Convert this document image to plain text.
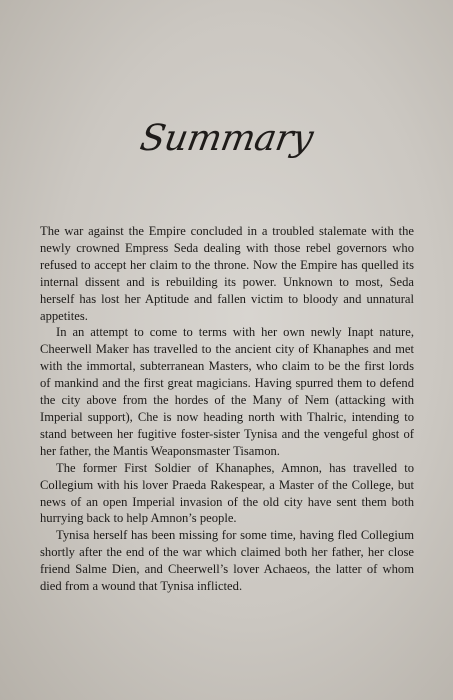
Summary

The war against the Empire concluded in a troubled stalemate with the newly crowned Empress Seda dealing with those rebel governors who refused to accept her claim to the throne. Now the Empire has quelled its internal dissent and is rebuilding its power. Unknown to most, Seda herself has lost her Aptitude and fallen victim to bloody and unnatural appetites.

In an attempt to come to terms with her own newly Inapt nature, Cheerwell Maker has travelled to the ancient city of Khanaphes and met with the immortal, subterranean Masters, who claim to be the first lords of mankind and the first great magicians. Having spurred them to defend the city above from the hordes of the Many of Nem (attacking with Imperial support), Che is now heading north with Thalric, intending to stand between her fugitive foster-sister Tynisa and the vengeful ghost of her father, the Mantis Weaponsmaster Tisamon.

The former First Soldier of Khanaphes, Amnon, has travelled to Collegium with his lover Praeda Rakespear, a Master of the College, but news of an open Imperial invasion of the old city have sent them both hurrying back to help Amnon’s people.

Tynisa herself has been missing for some time, having fled Collegium shortly after the end of the war which claimed both her father, her close friend Salme Dien, and Cheerwell’s lover Achaeos, the latter of whom died from a wound that Tynisa inflicted.
